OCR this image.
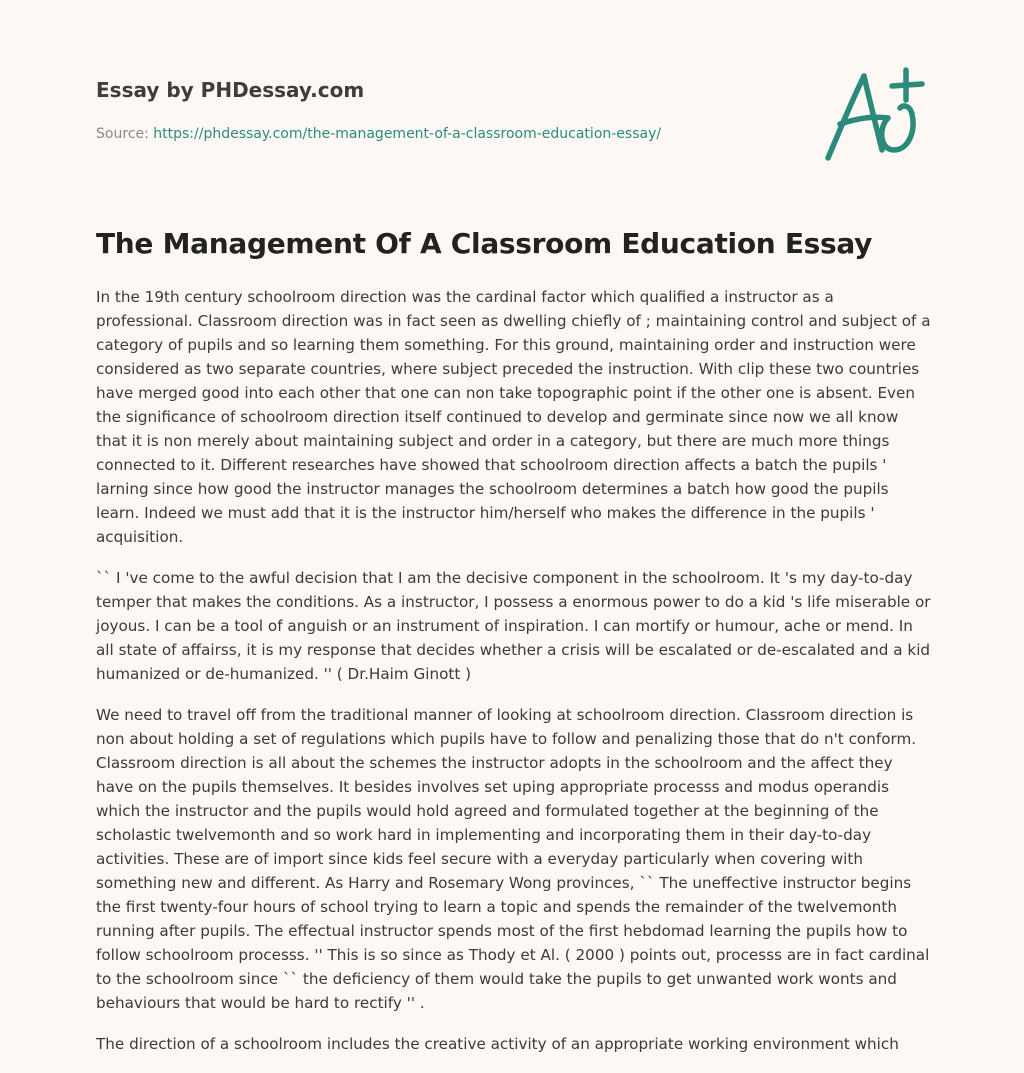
Essay by PHDessay.com
Source: https://phdessay.com/the-management-of-a-classroom-education-essay/
The Management Of A Classroom Education Essay

In the 19th century schoolroom direction was the cardinal factor which qualified a instructor as a professional. Classroom direction was in fact seen as dwelling chiefly of ; maintaining control and subject of a category of pupils and so learning them something. For this ground, maintaining order and instruction were considered as two separate countries, where subject preceded the instruction. With clip these two countries have merged good into each other that one can non take topographic point if the other one is absent. Even the significance of schoolroom direction itself continued to develop and germinate since now we all know that it is non merely about maintaining subject and order in a category, but there are much more things connected to it. Different researches have showed that schoolroom direction affects a batch the pupils ' larning since how good the instructor manages the schoolroom determines a batch how good the pupils learn. Indeed we must add that it is the instructor him/herself who makes the difference in the pupils ' acquisition.

`` I 've come to the awful decision that I am the decisive component in the schoolroom. It 's my day-to-day temper that makes the conditions. As a instructor, I possess a enormous power to do a kid 's life miserable or joyous. I can be a tool of anguish or an instrument of inspiration. I can mortify or humour, ache or mend. In all state of affairss, it is my response that decides whether a crisis will be escalated or de-escalated and a kid humanized or de-humanized. '' ( Dr.Haim Ginott )

We need to travel off from the traditional manner of looking at schoolroom direction. Classroom direction is non about holding a set of regulations which pupils have to follow and penalizing those that do n't conform. Classroom direction is all about the schemes the instructor adopts in the schoolroom and the affect they have on the pupils themselves. It besides involves set uping appropriate processs and modus operandis which the instructor and the pupils would hold agreed and formulated together at the beginning of the scholastic twelvemonth and so work hard in implementing and incorporating them in their day-to-day activities. These are of import since kids feel secure with a everyday particularly when covering with something new and different. As Harry and Rosemary Wong provinces, `` The uneffective instructor begins the first twenty-four hours of school trying to learn a topic and spends the remainder of the twelvemonth running after pupils. The effectual instructor spends most of the first hebdomad learning the pupils how to follow schoolroom processs. '' This is so since as Thody et Al. ( 2000 ) points out, processs are in fact cardinal to the schoolroom since `` the deficiency of them would take the pupils to get unwanted work wonts and behaviours that would be hard to rectify '' .

The direction of a schoolroom includes the creative activity of an appropriate working environment which
